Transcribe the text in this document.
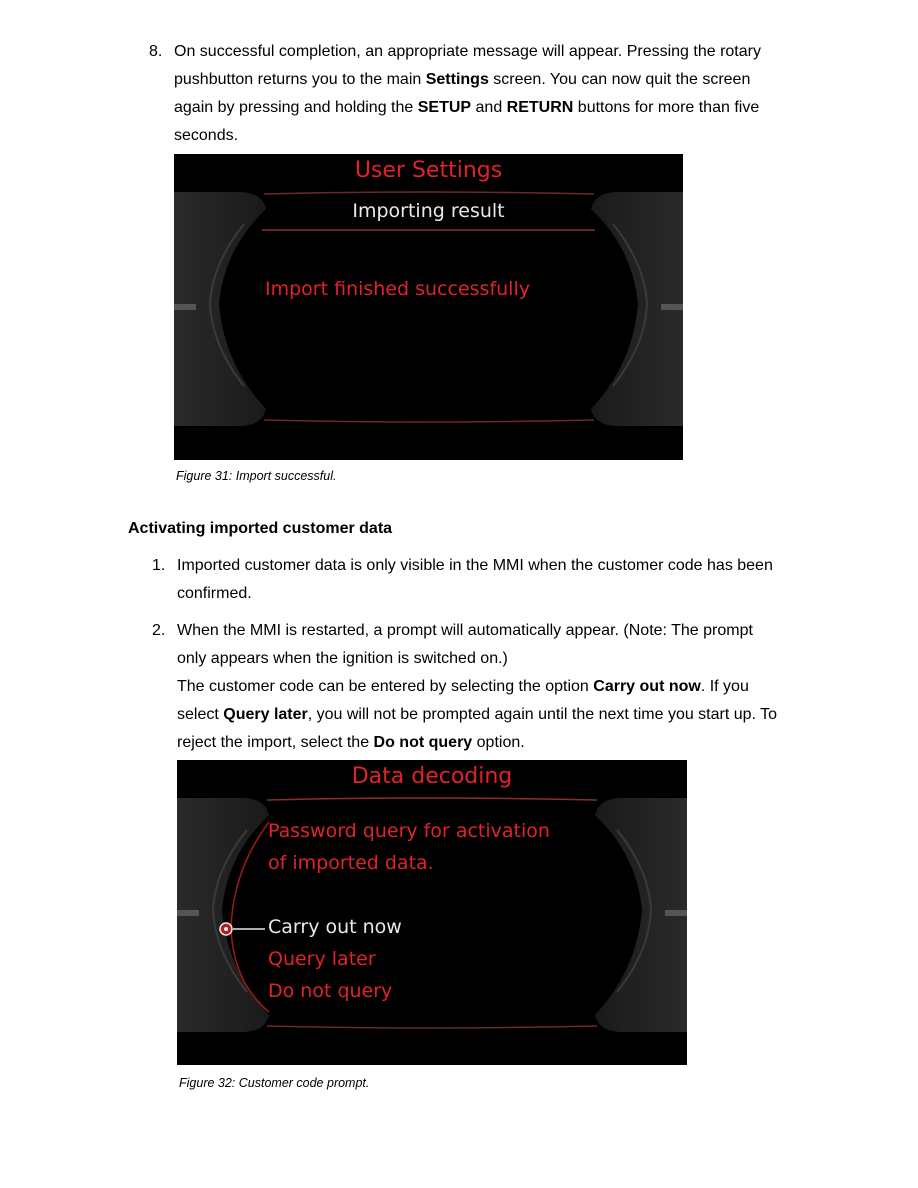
8. On successful completion, an appropriate message will appear. Pressing the rotary
pushbutton returns you to the main Settings screen. You can now quit the screen
again by pressing and holding the SETUP and RETURN buttons for more than five
seconds.
User Settings
Importing result
Import finished successfully
Figure 31: Import successful.
Activating imported customer data
1. Imported customer data is only visible in the MMI when the customer code has been
confirmed.
2. When the MMI is restarted, a prompt will automatically appear. (Note: The prompt
only appears when the ignition is switched on.)
The customer code can be entered by selecting the option Carry out now. If you
select Query later, you will not be prompted again until the next time you start up. To
reject the import, select the Do not query option.
Data decoding
Password query for activation
of imported data.
Carry out now
Query later
Do not query
Figure 32: Customer code prompt.
